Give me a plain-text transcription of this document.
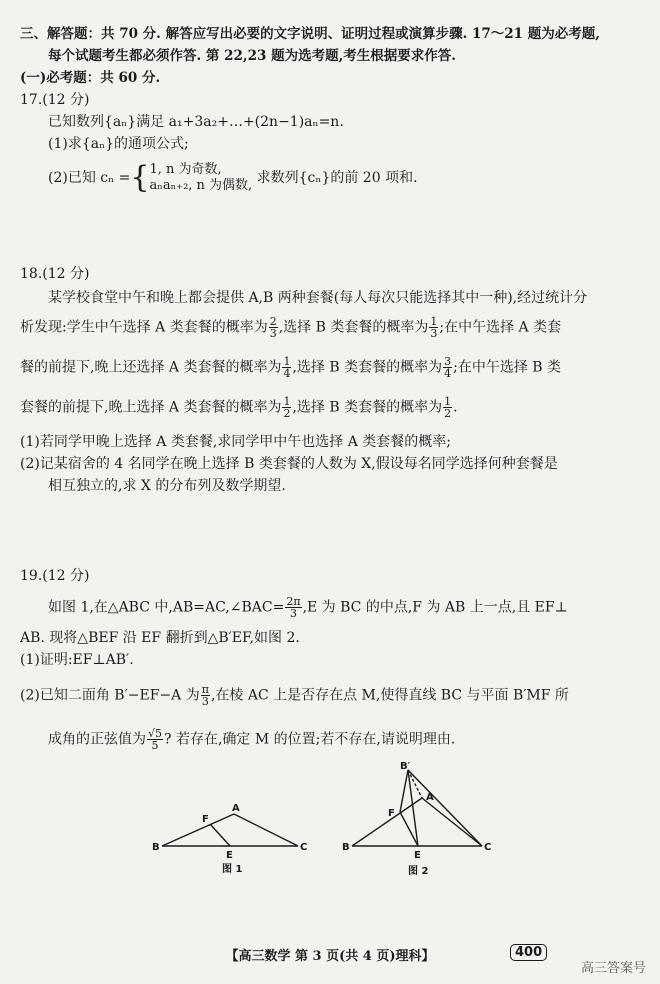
三、解答题：共 70 分. 解答应写出必要的文字说明、证明过程或演算步骤. 17～21 题为必考题,
每个试题考生都必须作答. 第 22,23 题为选考题,考生根据要求作答.
(一)必考题：共 60 分.
17.(12 分)
已知数列{aₙ}满足 a₁+3a₂+…+(2n−1)aₙ=n.
(1)求{aₙ}的通项公式;
(2)已知 cₙ ={1, n 为奇数,
aₙaₙ₊₂, n 为偶数, 求数列{cₙ}的前 20 项和.
18.(12 分)
某学校食堂中午和晚上都会提供 A,B 两种套餐(每人每次只能选择其中一种),经过统计分
析发现:学生中午选择 A 类套餐的概率为 $\frac{2}{3}$ ,选择 B 类套餐的概率为 $\frac{1}{3}$ ;在中午选择 A 类套
餐的前提下,晚上还选择 A 类套餐的概率为 $\frac{1}{4}$ ,选择 B 类套餐的概率为 $\frac{3}{4}$ ;在中午选择 B 类
套餐的前提下,晚上选择 A 类套餐的概率为 $\frac{1}{2}$ ,选择 B 类套餐的概率为 $\frac{1}{2}$ .
(1)若同学甲晚上选择 A 类套餐,求同学甲中午也选择 A 类套餐的概率;
(2)记某宿舍的 4 名同学在晚上选择 B 类套餐的人数为 X,假设每名同学选择何种套餐是
相互独立的,求 X 的分布列及数学期望.
19.(12 分)
如图 1,在△ABC 中,AB=AC,∠BAC= $\frac{2\pi}{3} ,E$ 为 BC 的中点,F 为 AB 上一点,且 EF⊥
AB. 现将△BEF 沿 EF 翻折到△B′EF,如图 2.
(1)证明:EF⊥AB′.
(2)已知二面角 B′−EF−A 为 $\frac{\pi}{3}$ ,在棱 AC 上是否存在点 M,使得直线 BC 与平面 B′MF 所
成角的正弦值为 $\frac{√5}{5}$ ? 若存在,确定 M 的位置;若不存在,请说明理由.
B
A
C
F
E
图 1
B′
B
A
C
F
E
图 2
【高三数学 第 3 页(共 4 页)理科】	400
高三答案号
